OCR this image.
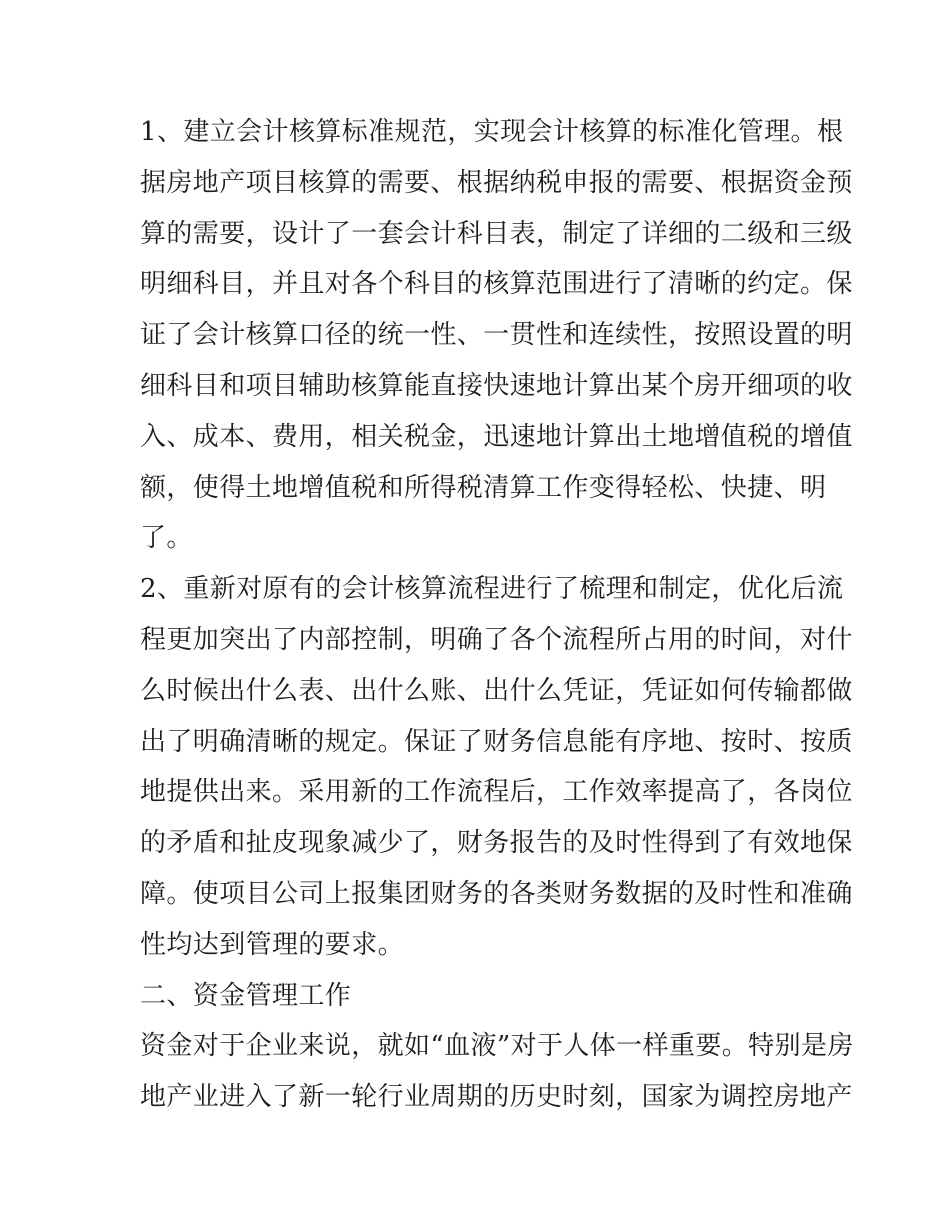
1、建立会计核算标准规范，实现会计核算的标准化管理。根
据房地产项目核算的需要、根据纳税申报的需要、根据资金预
算的需要，设计了一套会计科目表，制定了详细的二级和三级
明细科目，并且对各个科目的核算范围进行了清晰的约定。保
证了会计核算口径的统一性、一贯性和连续性，按照设置的明
细科目和项目辅助核算能直接快速地计算出某个房开细项的收
入、成本、费用，相关税金，迅速地计算出土地增值税的增值
额，使得土地增值税和所得税清算工作变得轻松、快捷、明
了。
2、重新对原有的会计核算流程进行了梳理和制定，优化后流
程更加突出了内部控制，明确了各个流程所占用的时间，对什
么时候出什么表、出什么账、出什么凭证，凭证如何传输都做
出了明确清晰的规定。保证了财务信息能有序地、按时、按质
地提供出来。采用新的工作流程后，工作效率提高了，各岗位
的矛盾和扯皮现象减少了，财务报告的及时性得到了有效地保
障。使项目公司上报集团财务的各类财务数据的及时性和准确
性均达到管理的要求。
二、资金管理工作
资金对于企业来说，就如“血液”对于人体一样重要。特别是房
地产业进入了新一轮行业周期的历史时刻，国家为调控房地产
